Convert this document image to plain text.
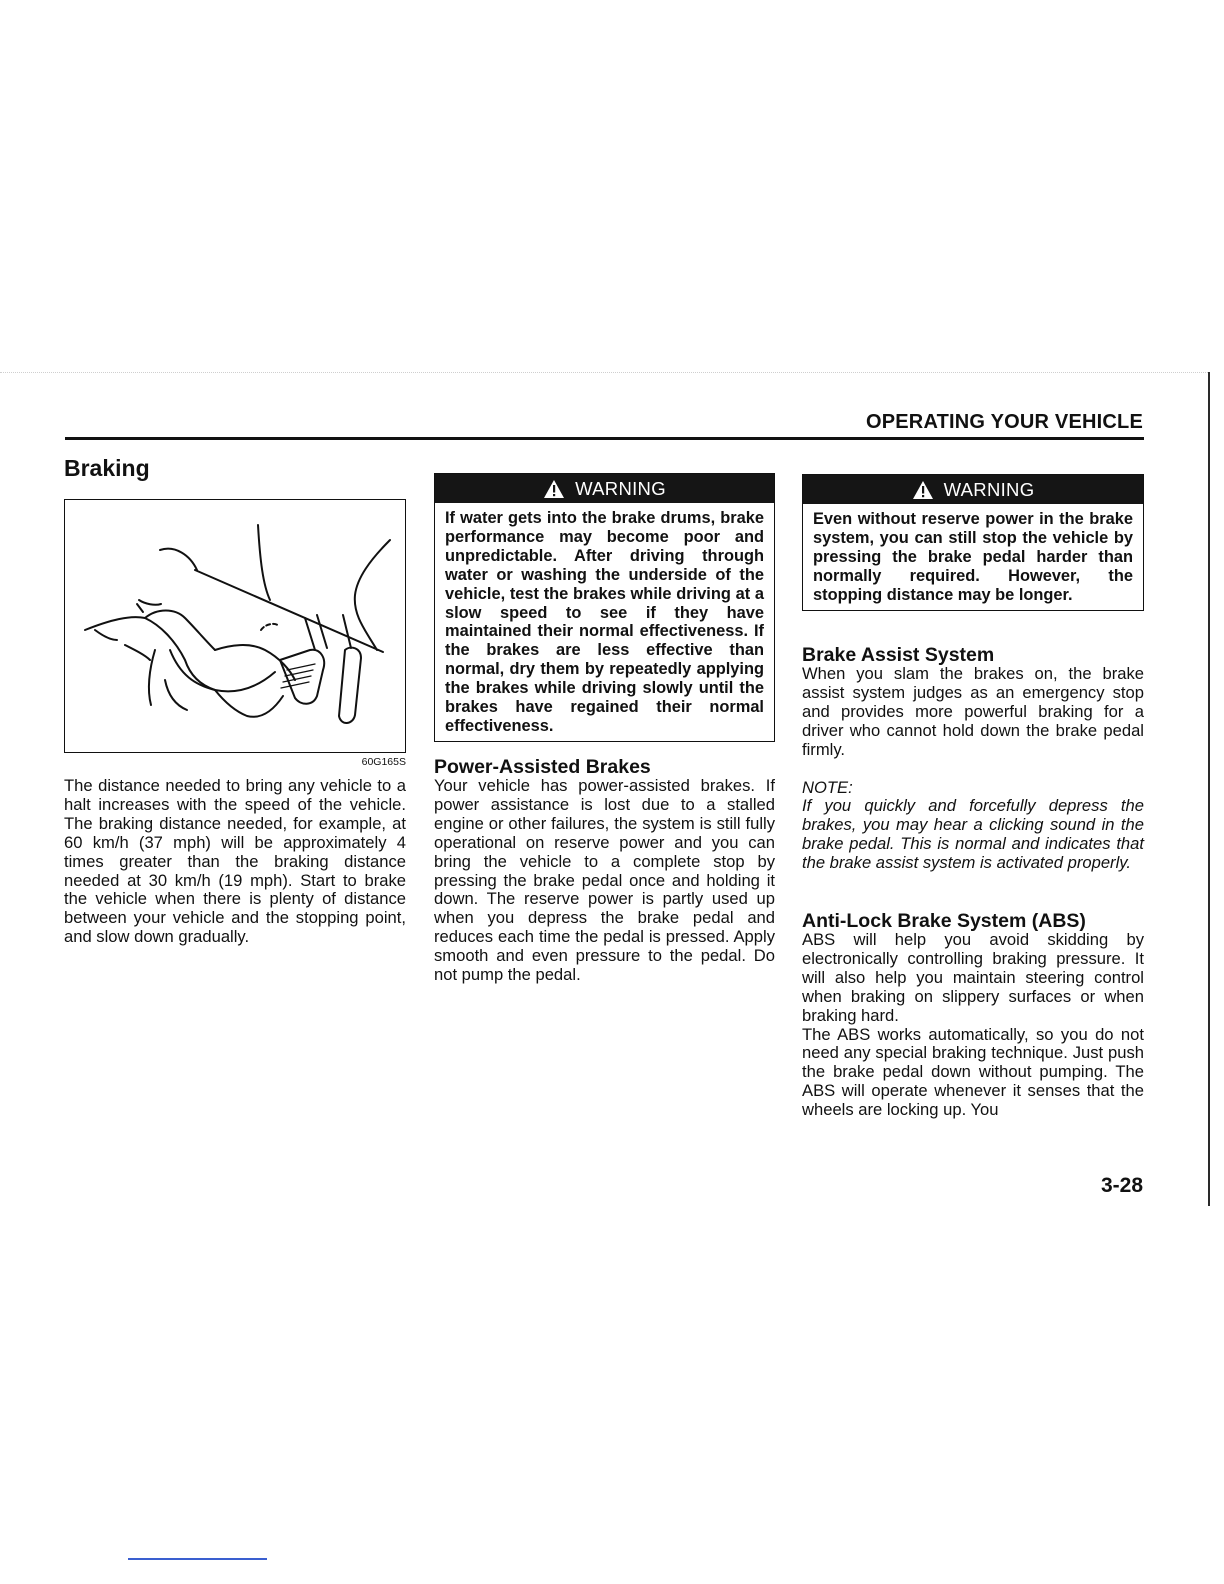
OPERATING YOUR VEHICLE
Braking
60G165S
The distance needed to bring any vehicle to a halt increases with the speed of the vehicle. The braking distance needed, for example, at 60 km/h (37 mph) will be approximately 4 times greater than the braking distance needed at 30 km/h (19 mph). Start to brake the vehicle when there is plenty of distance between your vehicle and the stopping point, and slow down gradually.
WARNING
If water gets into the brake drums, brake performance may become poor and unpredictable. After driving through water or washing the underside of the vehicle, test the brakes while driving at a slow speed to see if they have maintained their normal effectiveness. If the brakes are less effective than normal, dry them by repeatedly applying the brakes while driving slowly until the brakes have regained their normal effectiveness.
Power-Assisted Brakes
Your vehicle has power-assisted brakes. If power assistance is lost due to a stalled engine or other failures, the system is still fully operational on reserve power and you can bring the vehicle to a complete stop by pressing the brake pedal once and holding it down. The reserve power is partly used up when you depress the brake pedal and reduces each time the pedal is pressed. Apply smooth and even pressure to the pedal. Do not pump the pedal.
WARNING
Even without reserve power in the brake system, you can still stop the vehicle by pressing the brake pedal harder than normally required. However, the stopping distance may be longer.
Brake Assist System
When you slam the brakes on, the brake assist system judges as an emergency stop and provides more powerful braking for a driver who cannot hold down the brake pedal firmly.

NOTE:

If you quickly and forcefully depress the brakes, you may hear a clicking sound in the brake pedal. This is normal and indicates that the brake assist system is activated properly.

Anti-Lock Brake System (ABS)

ABS will help you avoid skidding by electronically controlling braking pressure. It will also help you maintain steering control when braking on slippery surfaces or when braking hard.

The ABS works automatically, so you do not need any special braking technique. Just push the brake pedal down without pumping. The ABS will operate whenever it senses that the wheels are locking up. You

3-28
